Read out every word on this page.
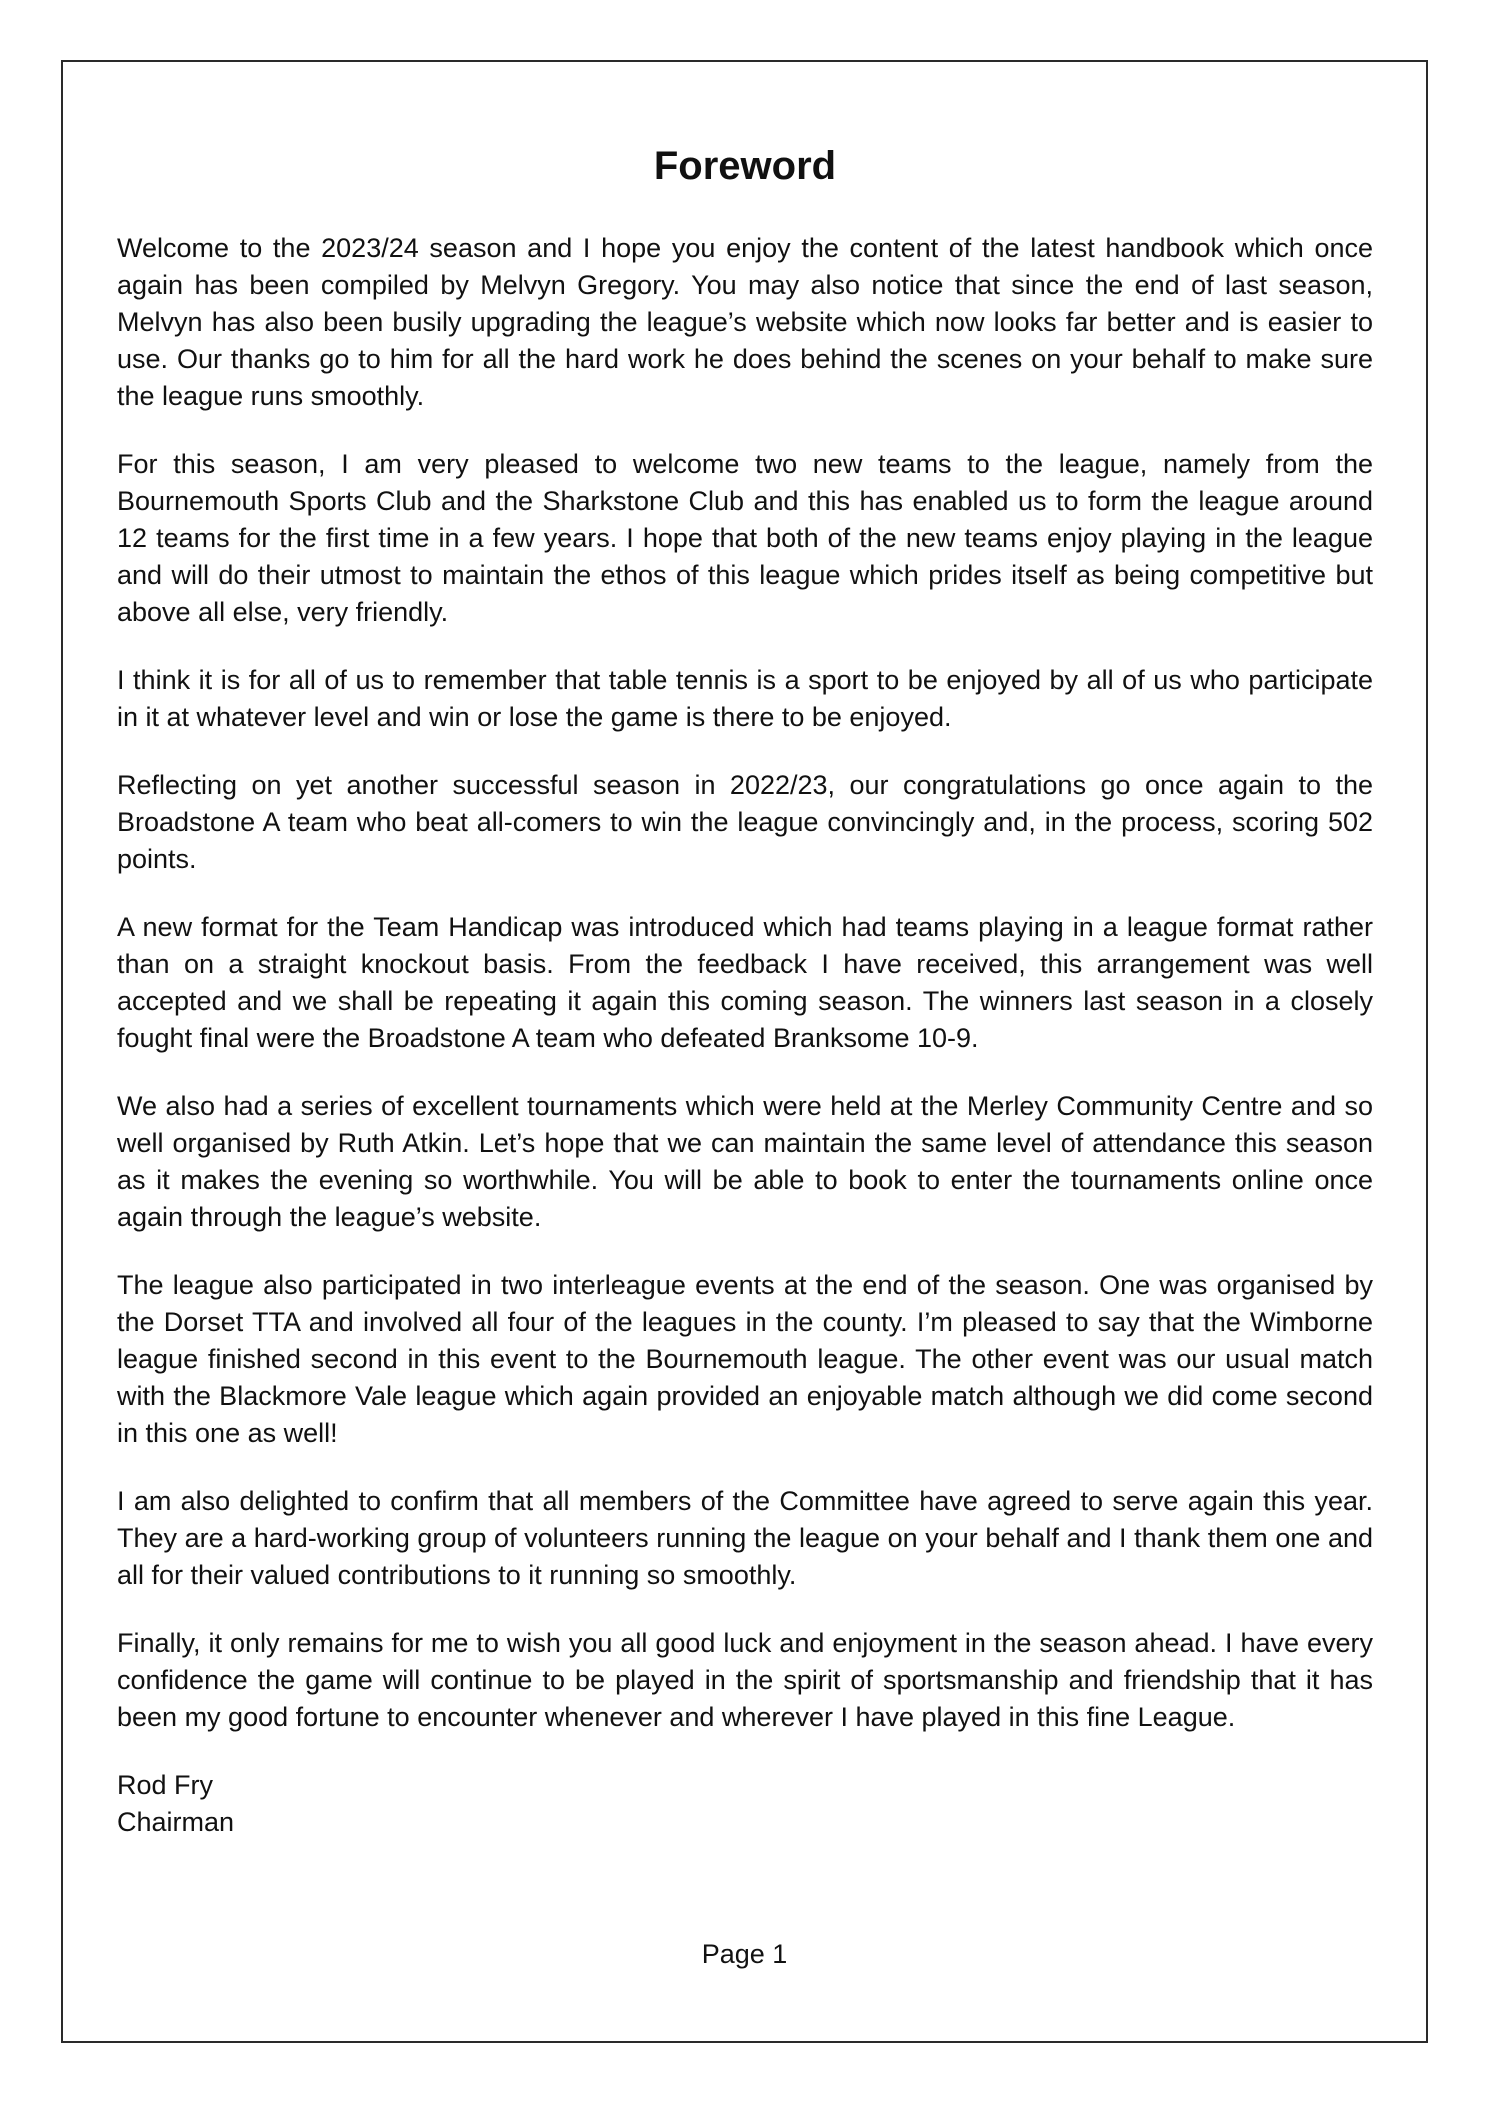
Foreword

Welcome to the 2023/24 season and I hope you enjoy the content of the latest handbook which once again has been compiled by Melvyn Gregory. You may also notice that since the end of last season, Melvyn has also been busily upgrading the league’s website which now looks far better and is easier to use. Our thanks go to him for all the hard work he does behind the scenes on your behalf to make sure the league runs smoothly.

For this season, I am very pleased to welcome two new teams to the league, namely from the Bournemouth Sports Club and the Sharkstone Club and this has enabled us to form the league around 12 teams for the first time in a few years. I hope that both of the new teams enjoy playing in the league and will do their utmost to maintain the ethos of this league which prides itself as being competitive but above all else, very friendly.

I think it is for all of us to remember that table tennis is a sport to be enjoyed by all of us who participate in it at whatever level and win or lose the game is there to be enjoyed.

Reflecting on yet another successful season in 2022/23, our congratulations go once again to the Broadstone A team who beat all-comers to win the league convincingly and, in the process, scoring 502 points.

A new format for the Team Handicap was introduced which had teams playing in a league format rather than on a straight knockout basis. From the feedback I have received, this arrangement was well accepted and we shall be repeating it again this coming season. The winners last season in a closely fought final were the Broadstone A team who defeated Branksome 10-9.

We also had a series of excellent tournaments which were held at the Merley Community Centre and so well organised by Ruth Atkin. Let’s hope that we can maintain the same level of attendance this season as it makes the evening so worthwhile. You will be able to book to enter the tournaments online once again through the league’s website.

The league also participated in two interleague events at the end of the season. One was organised by the Dorset TTA and involved all four of the leagues in the county. I’m pleased to say that the Wimborne league finished second in this event to the Bournemouth league. The other event was our usual match with the Blackmore Vale league which again provided an enjoyable match although we did come second in this one as well!

I am also delighted to confirm that all members of the Committee have agreed to serve again this year. They are a hard-working group of volunteers running the league on your behalf and I thank them one and all for their valued contributions to it running so smoothly.

Finally, it only remains for me to wish you all good luck and enjoyment in the season ahead. I have every confidence the game will continue to be played in the spirit of sportsmanship and friendship that it has been my good fortune to encounter whenever and wherever I have played in this fine League.

Rod Fry
Chairman
Page 1
